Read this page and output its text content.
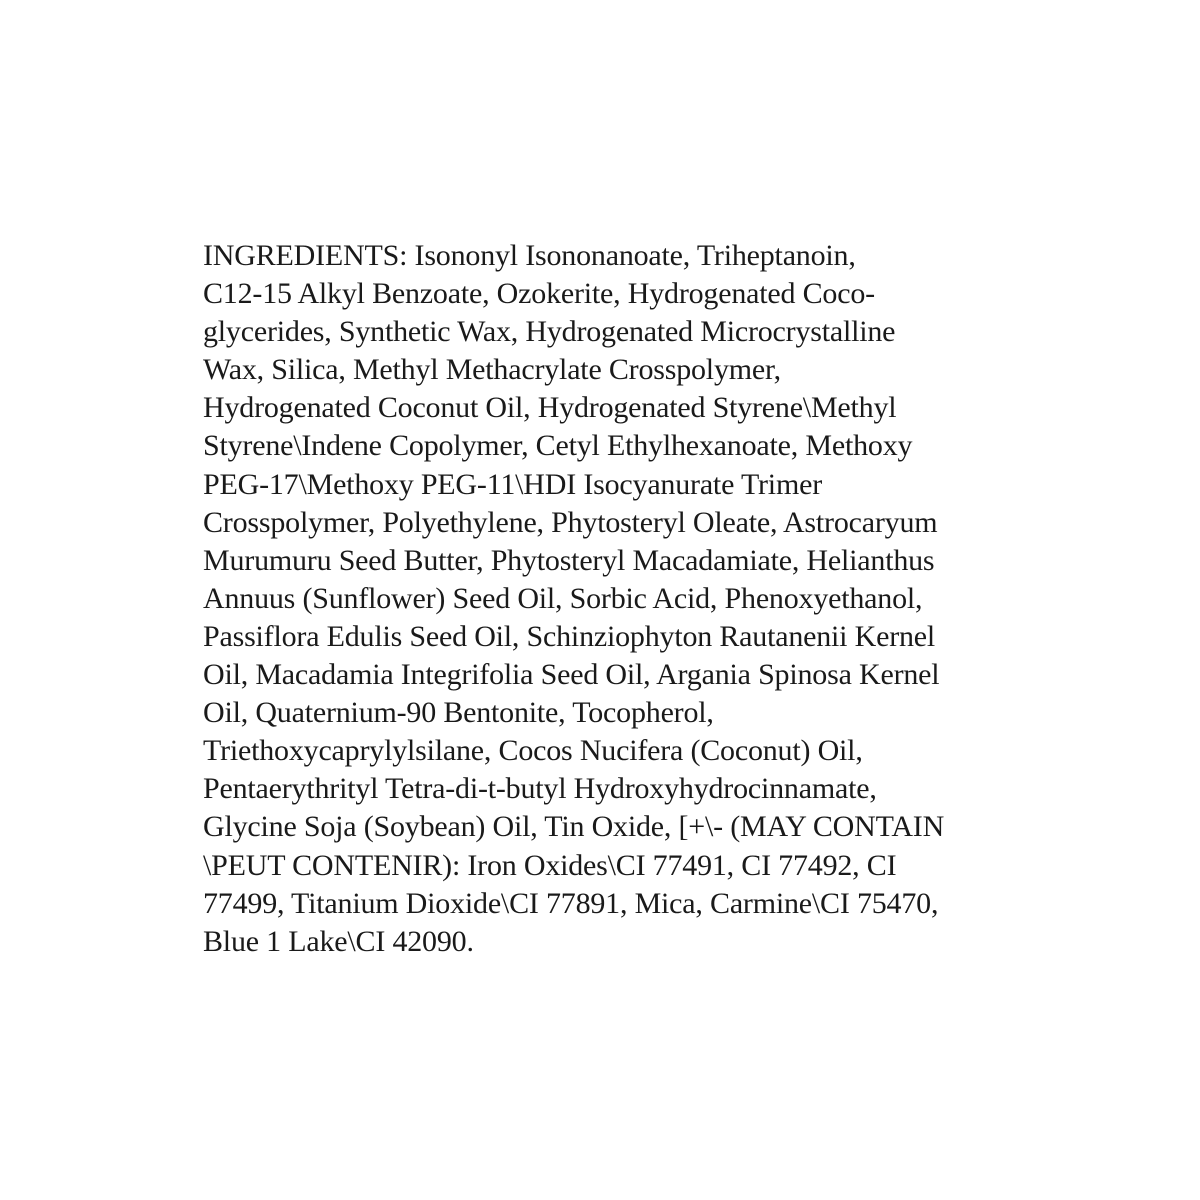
INGREDIENTS: Isononyl Isononanoate, Triheptanoin,
C12-15 Alkyl Benzoate, Ozokerite, Hydrogenated Coco-
glycerides, Synthetic Wax, Hydrogenated Microcrystalline
Wax, Silica, Methyl Methacrylate Crosspolymer,
Hydrogenated Coconut Oil, Hydrogenated Styrene\Methyl
Styrene\Indene Copolymer, Cetyl Ethylhexanoate, Methoxy
PEG-17\Methoxy PEG-11\HDI Isocyanurate Trimer
Crosspolymer, Polyethylene, Phytosteryl Oleate, Astrocaryum
Murumuru Seed Butter, Phytosteryl Macadamiate, Helianthus
Annuus (Sunflower) Seed Oil, Sorbic Acid, Phenoxyethanol,
Passiflora Edulis Seed Oil, Schinziophyton Rautanenii Kernel
Oil, Macadamia Integrifolia Seed Oil, Argania Spinosa Kernel
Oil, Quaternium-90 Bentonite, Tocopherol,
Triethoxycaprylylsilane, Cocos Nucifera (Coconut) Oil,
Pentaerythrityl Tetra-di-t-butyl Hydroxyhydrocinnamate,
Glycine Soja (Soybean) Oil, Tin Oxide, [+\- (MAY CONTAIN
\PEUT CONTENIR): Iron Oxides\CI 77491, CI 77492, CI
77499, Titanium Dioxide\CI 77891, Mica, Carmine\CI 75470,
Blue 1 Lake\CI 42090.
